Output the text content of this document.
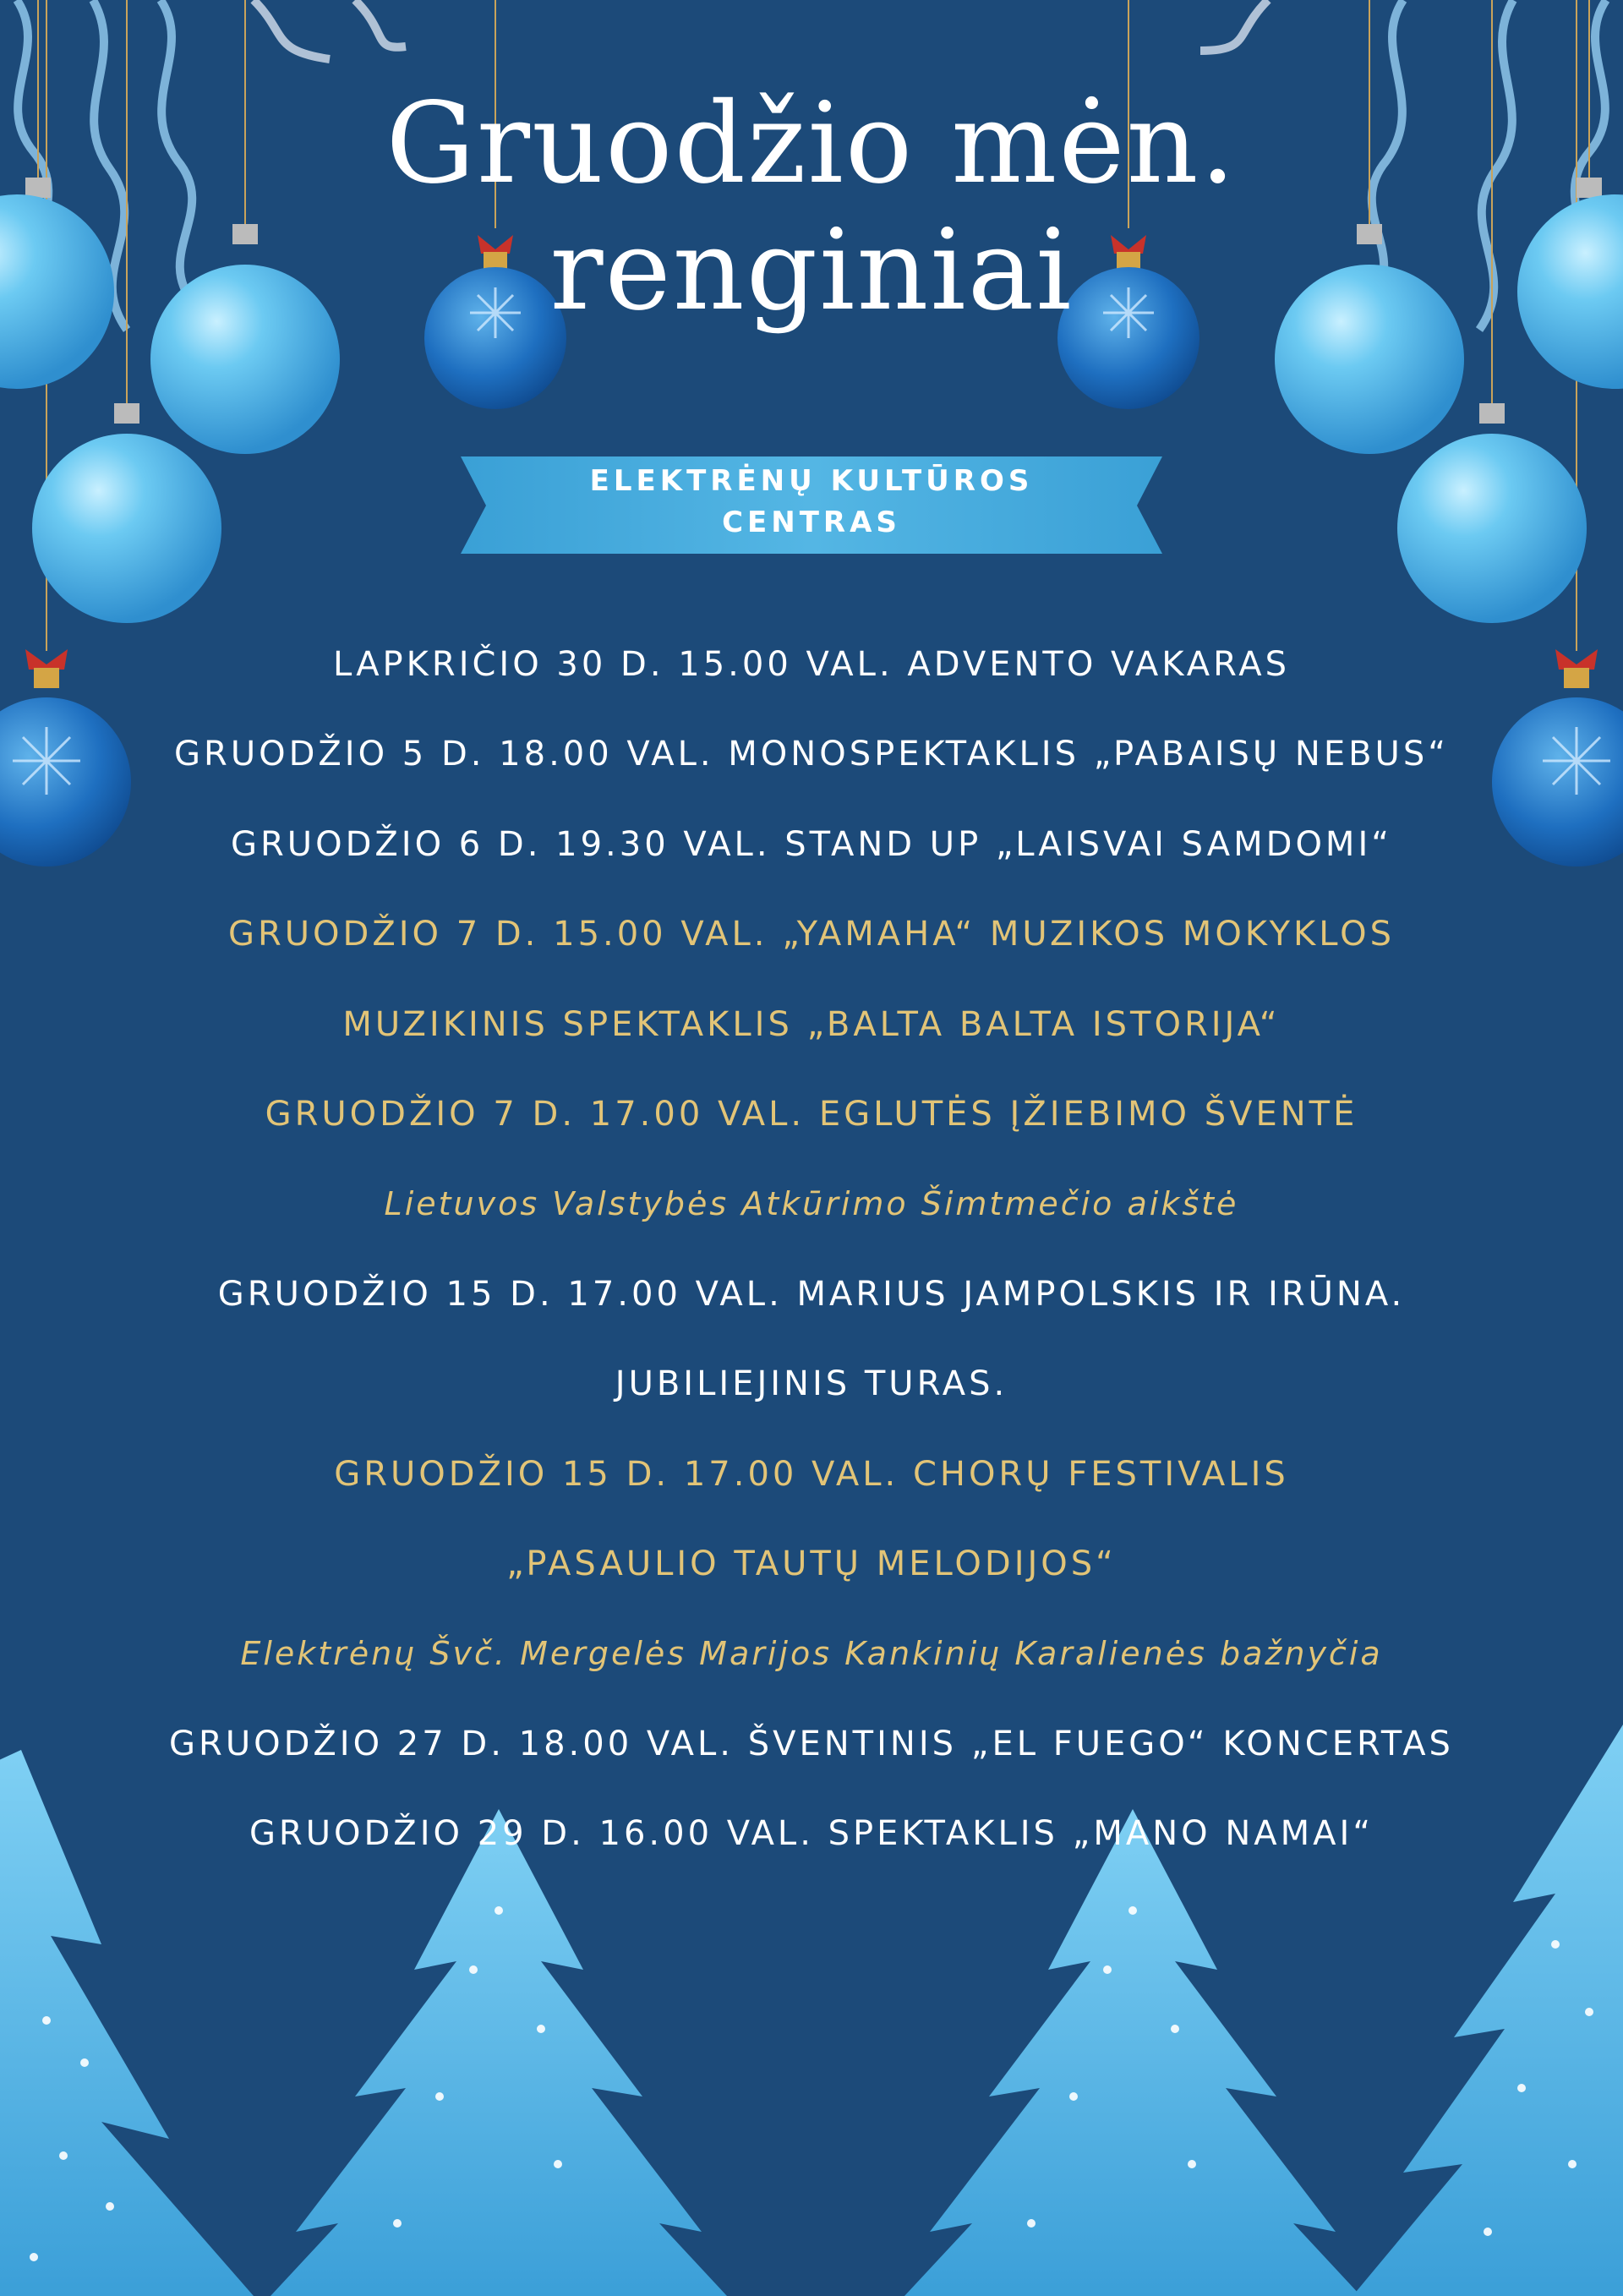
Gruodžio mėn.
renginiai
ELEKTRĖNŲ KULTŪROS
CENTRAS
LAPKRIČIO 30 D. 15.00 VAL. ADVENTO VAKARAS
GRUODŽIO 5 D. 18.00 VAL. MONOSPEKTAKLIS „PABAISŲ NEBUS“
GRUODŽIO 6 D. 19.30 VAL. STAND UP „LAISVAI SAMDOMI“
GRUODŽIO 7 D. 15.00 VAL. „YAMAHA“ MUZIKOS MOKYKLOS
MUZIKINIS SPEKTAKLIS „BALTA BALTA ISTORIJA“
GRUODŽIO 7 D. 17.00 VAL. EGLUTĖS ĮŽIEBIMO ŠVENTĖ
Lietuvos Valstybės Atkūrimo Šimtmečio aikštė
GRUODŽIO 15 D. 17.00 VAL. MARIUS JAMPOLSKIS IR IRŪNA.
JUBILIEJINIS TURAS.
GRUODŽIO 15 D. 17.00 VAL. CHORŲ FESTIVALIS
„PASAULIO TAUTŲ MELODIJOS“
Elektrėnų Švč. Mergelės Marijos Kankinių Karalienės bažnyčia
GRUODŽIO 27 D. 18.00 VAL. ŠVENTINIS „EL FUEGO“ KONCERTAS
GRUODŽIO 29 D. 16.00 VAL. SPEKTAKLIS „MANO NAMAI“
